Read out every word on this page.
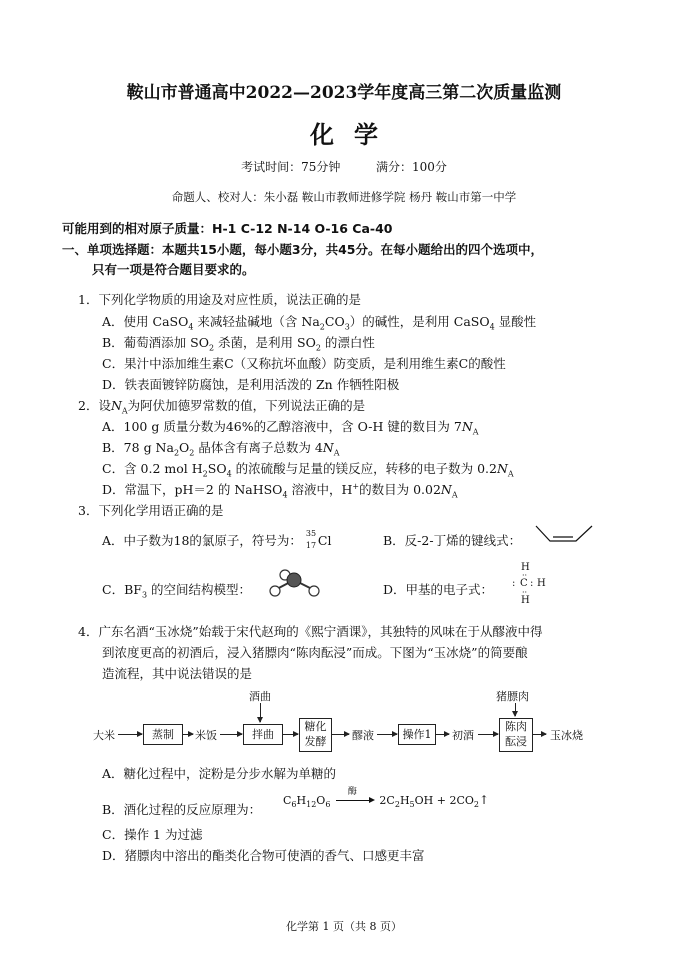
鞍山市普通高中2022—2023学年度高三第二次质量监测
化学
考试时间：75分钟	满分：100分
命题人、校对人：朱小磊 鞍山市教师进修学院 杨丹 鞍山市第一中学
可能用到的相对原子质量：H-1 C-12 N-14 O-16 Ca-40
一、单项选择题：本题共15小题，每小题3分，共45分。在每小题给出的四个选项中，
只有一项是符合题目要求的。
1．下列化学物质的用途及对应性质，说法正确的是
A．使用 CaSO$_4$ 来减轻盐碱地（含 $Na_2CO_3$）的碱性，是利用 CaSO$_4$ 显酸性
B．葡萄酒添加 $SO_2$ 杀菌，是利用 $SO_2$ 的漂白性
C．果汁中添加维生素C（又称抗坏血酸）防变质，是利用维生素C的酸性
D．铁表面镀锌防腐蚀，是利用活泼的 Zn 作牺牲阳极
2．设$N_A$为阿伏加德罗常数的值，下列说法正确的是
A．100 g 质量分数为46%的乙醇溶液中，含 O-H 键的数目为 $7N_A$
B．78 g $Na_2O_2$ 晶体含有离子总数为 $4N_A$
C．含 0.2 mol $H_2SO_4$ 的浓硫酸与足量的镁反应，转移的电子数为 $0.2N_A$
D．常温下，pH＝2 的 NaHSO$_4$ 溶液中，H+的数目为 $0.02N_A$
3．下列化学用语正确的是
A．中子数为18的氯原子，符号为： 35
17 Cl	B．反-2-丁烯的键线式：
C．$BF_3$ 的空间结构模型：	D．甲基的电子式：
H
: C : H
H
··
··
4．广东名酒“玉冰烧”始载于宋代赵珣的《熙宁酒课》，其独特的风味在于从醪液中得
到浓度更高的初酒后，浸入猪膘肉“陈肉酝浸”而成。下图为“玉冰烧”的简要酿
造流程，其中说法错误的是
大米	蒸制	米饭
酒曲
拌曲
糖化
发酵	醪液	操作1	初酒
猪膘肉
陈肉
酝浸	玉冰烧
A．糖化过程中，淀粉是分步水解为单糖的
B．酒化过程的反应原理为：
$C_6H_{12}O_6$
酶
$2C_2H_5OH$ + $2CO_2↑$
C．操作 1 为过滤
D．猪膘肉中溶出的酯类化合物可使酒的香气、口感更丰富
化学第 1 页（共 8 页）
